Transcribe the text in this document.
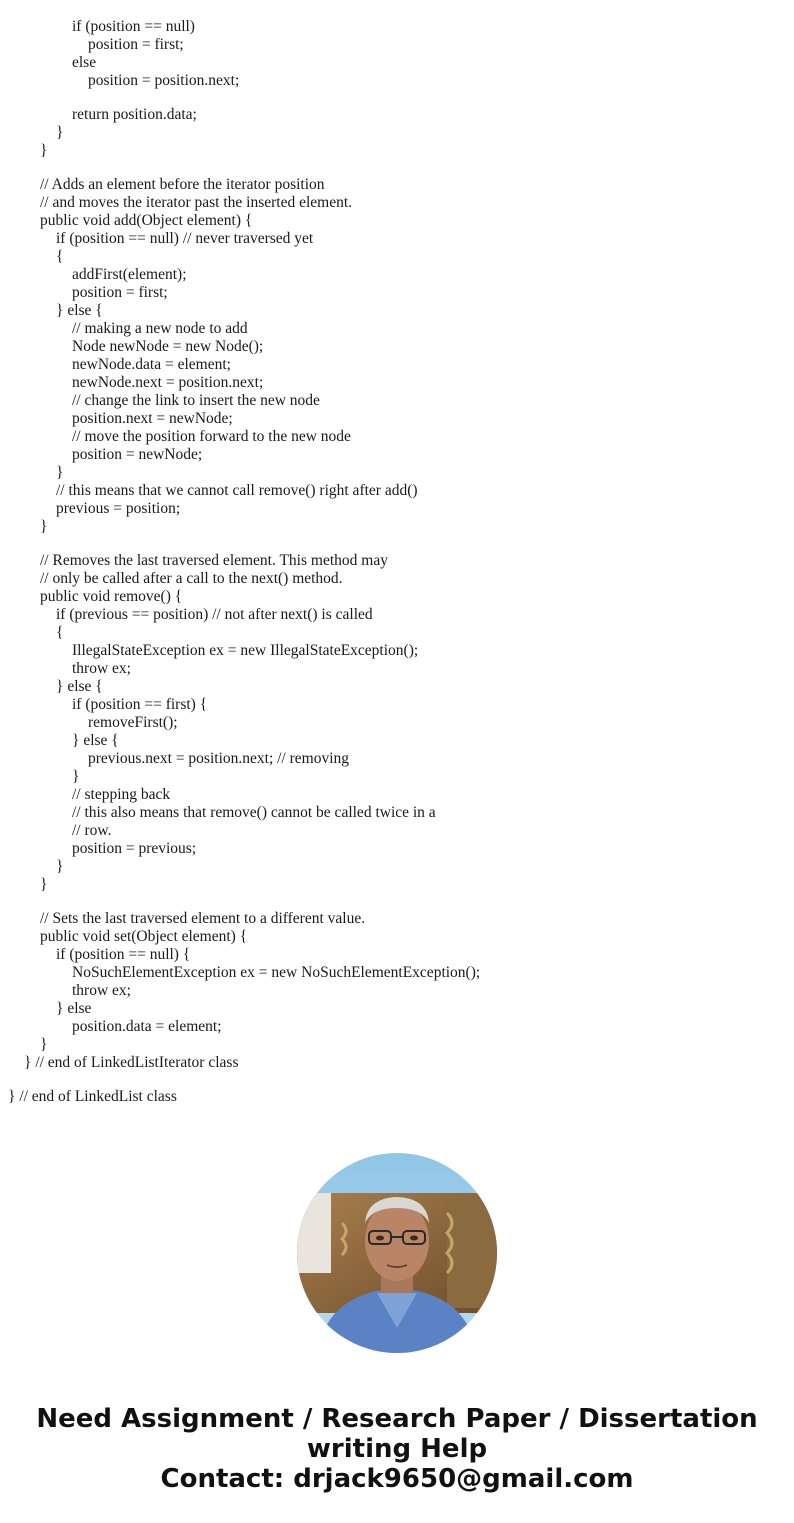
if (position == null)
position = first;
else
position = position.next;
return position.data;
}
}
// Adds an element before the iterator position
// and moves the iterator past the inserted element.
public void add(Object element) {
if (position == null) // never traversed yet
{
addFirst(element);
position = first;
} else {
// making a new node to add
Node newNode = new Node();
newNode.data = element;
newNode.next = position.next;
// change the link to insert the new node
position.next = newNode;
// move the position forward to the new node
position = newNode;
}
// this means that we cannot call remove() right after add()
previous = position;
}
// Removes the last traversed element. This method may
// only be called after a call to the next() method.
public void remove() {
if (previous == position) // not after next() is called
{
IllegalStateException ex = new IllegalStateException();
throw ex;
} else {
if (position == first) {
removeFirst();
} else {
previous.next = position.next; // removing
}
// stepping back
// this also means that remove() cannot be called twice in a
// row.
position = previous;
}
}
// Sets the last traversed element to a different value.
public void set(Object element) {
if (position == null) {
NoSuchElementException ex = new NoSuchElementException();
throw ex;
} else
position.data = element;
}
} // end of LinkedListIterator class
} // end of LinkedList class
Need Assignment / Research Paper / Dissertation
writing Help
Contact: drjack9650@gmail.com
